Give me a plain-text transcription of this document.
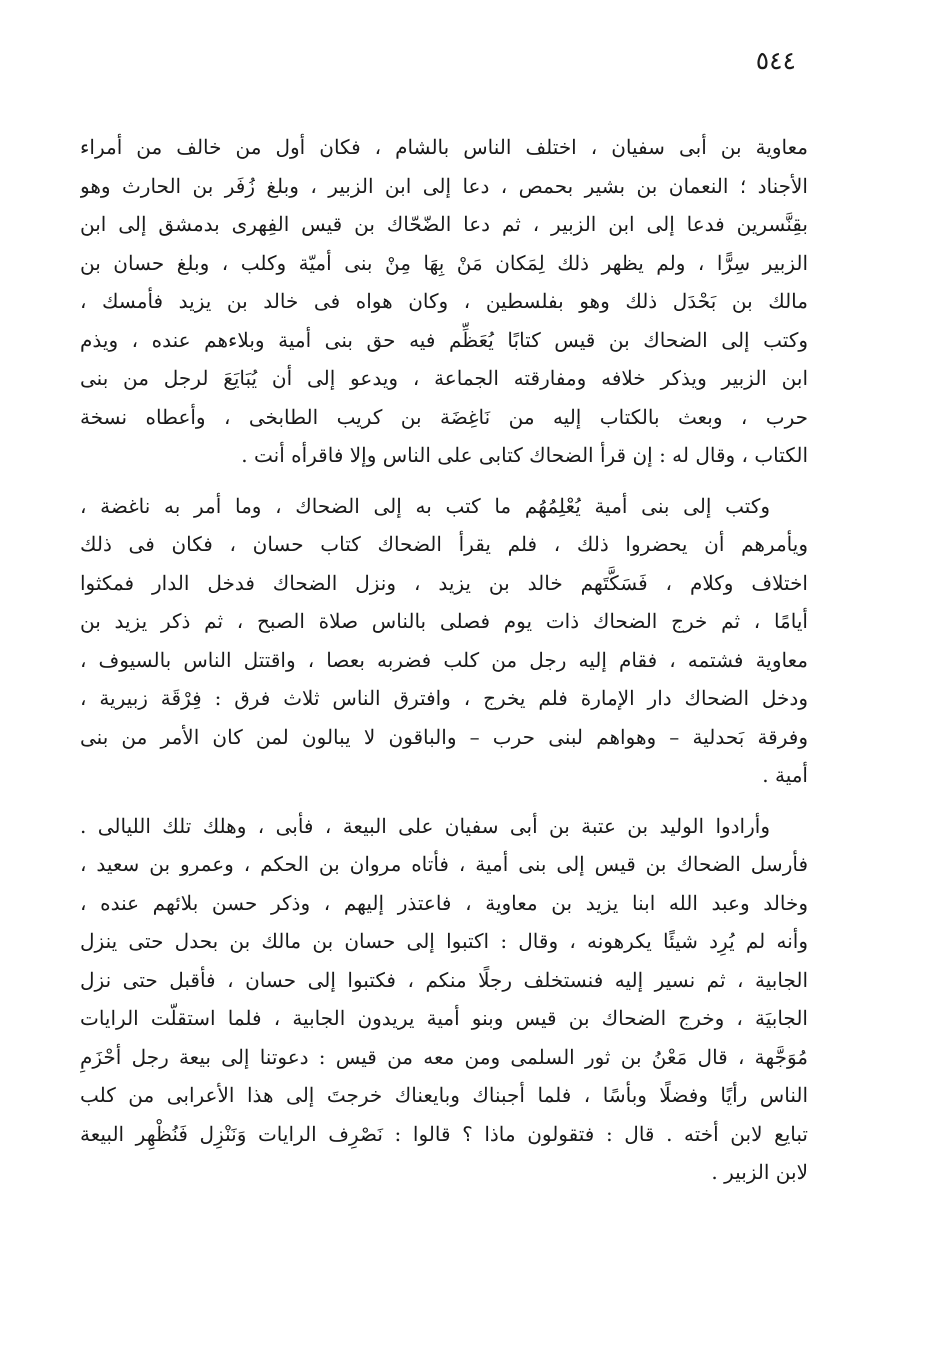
٥٤٤
معاوية بن أبى سفيان ، اختلف الناس بالشام ، فكان أول من خالف من أمراء
الأجناد ؛ النعمان بن بشير بحمص ، دعا إلى ابن الزبير ، وبلغ زُفَر بن الحارث وهو
بقِنَّسرين فدعا إلى ابن الزبير ، ثم دعا الضّحّاك بن قيس الفِهرى بدمشق إلى ابن
الزبير سِرًّا ، ولم يظهر ذلك لِمَكان مَنْ بِهَا مِنْ بنى أميّة وكلب ، وبلغ حسان بن
مالك بن بَحْدَل ذلك وهو بفلسطين ، وكان هواه فى خالد بن يزيد فأمسك ،
وكتب إلى الضحاك بن قيس كتابًا يُعَظِّم فيه حق بنى أمية وبلاءهم عنده ، ويذم
ابن الزبير ويذكر خلافه ومفارقته الجماعة ، ويدعو إلى أن يُبَايَعَ لرجل من بنى
حرب ، وبعث بالكتاب إليه من نَاغِضَة بن كريب الطابخى ، وأعطاه نسخة
الكتاب ، وقال له : إن قرأ الضحاك كتابى على الناس وإلا فاقرأه أنت .
وكتب إلى بنى أمية يُعْلِمُهُم ما كتب به إلى الضحاك ، وما أمر به ناغضة ،
ويأمرهم أن يحضروا ذلك ، فلم يقرأ الضحاك كتاب حسان ، فكان فى ذلك
اختلاف وكلام ، فَسَكَّتَهم خالد بن يزيد ، ونزل الضحاك فدخل الدار فمكثوا
أيامًا ، ثم خرج الضحاك ذات يوم فصلى بالناس صلاة الصبح ، ثم ذكر يزيد بن
معاوية فشتمه ، فقام إليه رجل من كلب فضربه بعصا ، واقتتل الناس بالسيوف ،
ودخل الضحاك دار الإمارة فلم يخرج ، وافترق الناس ثلاث فرق : فِرْقَة زبيرية ،
وفرقة بَحدلية – وهواهم لبنى حرب – والباقون لا يبالون لمن كان الأمر من بنى
أمية .
وأرادوا الوليد بن عتبة بن أبى سفيان على البيعة ، فأبى ، وهلك تلك الليالى .
فأرسل الضحاك بن قيس إلى بنى أمية ، فأتاه مروان بن الحكم ، وعمرو بن سعيد ،
وخالد وعبد الله ابنا يزيد بن معاوية ، فاعتذر إليهم ، وذكر حسن بلائهم عنده ،
وأنه لم يُرِد شيئًا يكرهونه ، وقال : اكتبوا إلى حسان بن مالك بن بحدل حتى ينزل
الجابية ، ثم نسير إليه فنستخلف رجلًا منكم ، فكتبوا إلى حسان ، فأقبل حتى نزل
الجابيَة ، وخرج الضحاك بن قيس وبنو أمية يريدون الجابية ، فلما استقلّت الرايات
مُوَجَّهة ، قال مَعْنُ بن ثور السلمى ومن معه من قيس : دعوتنا إلى بيعة رجل أحْزَمِ
الناس رأيًا وفضلًا وبأسًا ، فلما أجبناك وبايعناك خرجتَ إلى هذا الأعرابى من كلب
تبايع لابن أخته . قال : فتقولون ماذا ؟ قالوا : نَصْرِف الرايات وَنَنْزِل فَنُظْهِر البيعة
لابن الزبير .
